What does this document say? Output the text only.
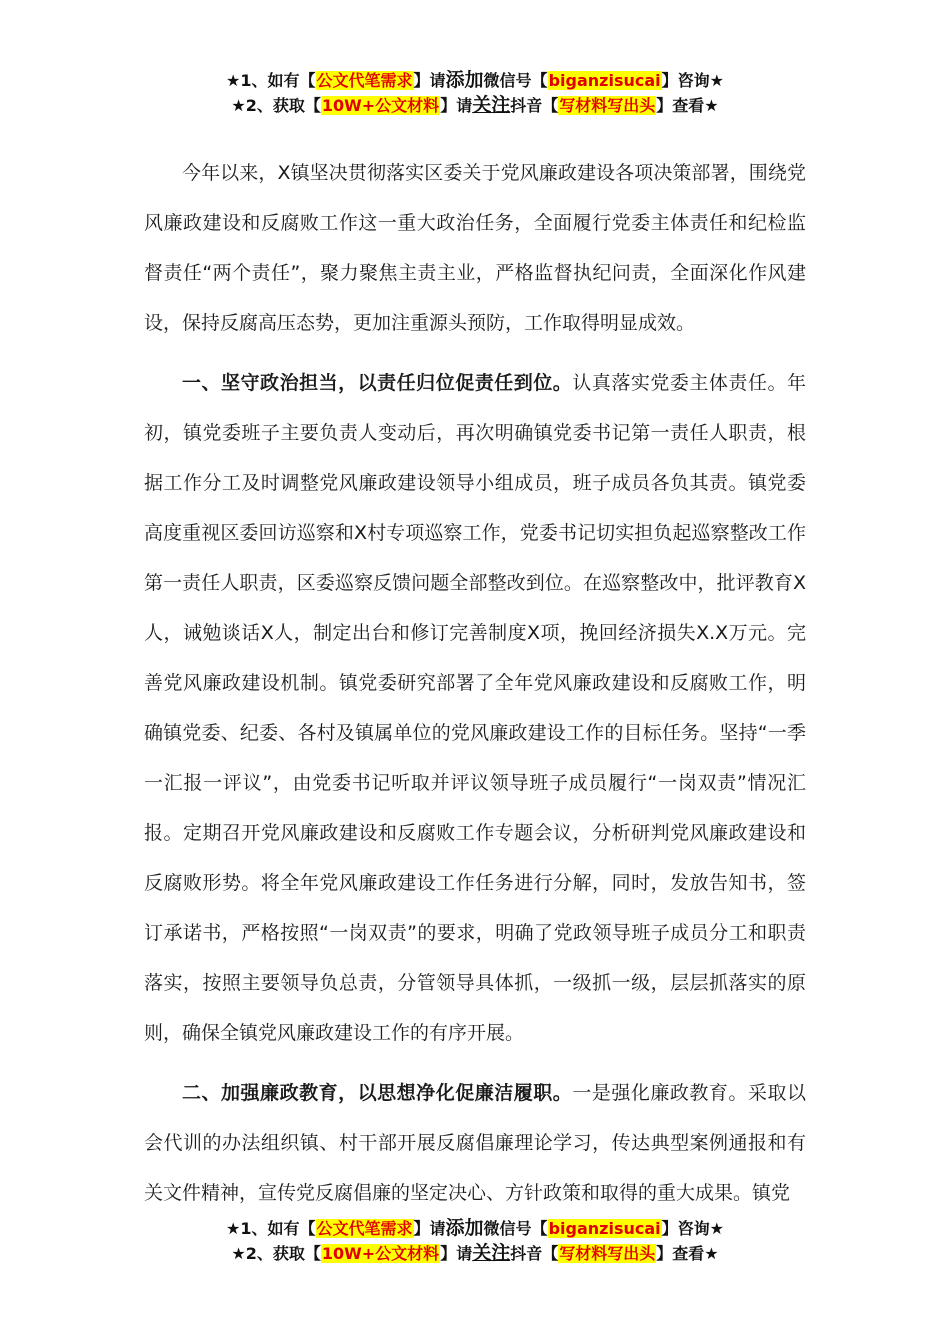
★1、如有【公文代笔需求】请添加微信号【biganzisucai】咨询★
★2、获取【10W+公文材料】请关注抖音【写材料写出头】查看★

今年以来，X镇坚决贯彻落实区委关于党风廉政建设各项决策部署，围绕党风廉政建设和反腐败工作这一重大政治任务，全面履行党委主体责任和纪检监督责任“两个责任”，聚力聚焦主责主业，严格监督执纪问责，全面深化作风建设，保持反腐高压态势，更加注重源头预防，工作取得明显成效。

一、坚守政治担当，以责任归位促责任到位。认真落实党委主体责任。年初，镇党委班子主要负责人变动后，再次明确镇党委书记第一责任人职责，根据工作分工及时调整党风廉政建设领导小组成员，班子成员各负其责。镇党委高度重视区委回访巡察和X村专项巡察工作，党委书记切实担负起巡察整改工作第一责任人职责，区委巡察反馈问题全部整改到位。在巡察整改中，批评教育X人，诫勉谈话X人，制定出台和修订完善制度X项，挽回经济损失X.X万元。完善党风廉政建设机制。镇党委研究部署了全年党风廉政建设和反腐败工作，明确镇党委、纪委、各村及镇属单位的党风廉政建设工作的目标任务。坚持“一季一汇报一评议”，由党委书记听取并评议领导班子成员履行“一岗双责”情况汇报。定期召开党风廉政建设和反腐败工作专题会议，分析研判党风廉政建设和反腐败形势。将全年党风廉政建设工作任务进行分解，同时，发放告知书，签订承诺书，严格按照“一岗双责”的要求，明确了党政领导班子成员分工和职责落实，按照主要领导负总责，分管领导具体抓，一级抓一级，层层抓落实的原则，确保全镇党风廉政建设工作的有序开展。

二、加强廉政教育，以思想净化促廉洁履职。一是强化廉政教育。采取以会代训的办法组织镇、村干部开展反腐倡廉理论学习，传达典型案例通报和有关文件精神，宣传党反腐倡廉的坚定决心、方针政策和取得的重大成果。镇党

★1、如有【公文代笔需求】请添加微信号【biganzisucai】咨询★
★2、获取【10W+公文材料】请关注抖音【写材料写出头】查看★
